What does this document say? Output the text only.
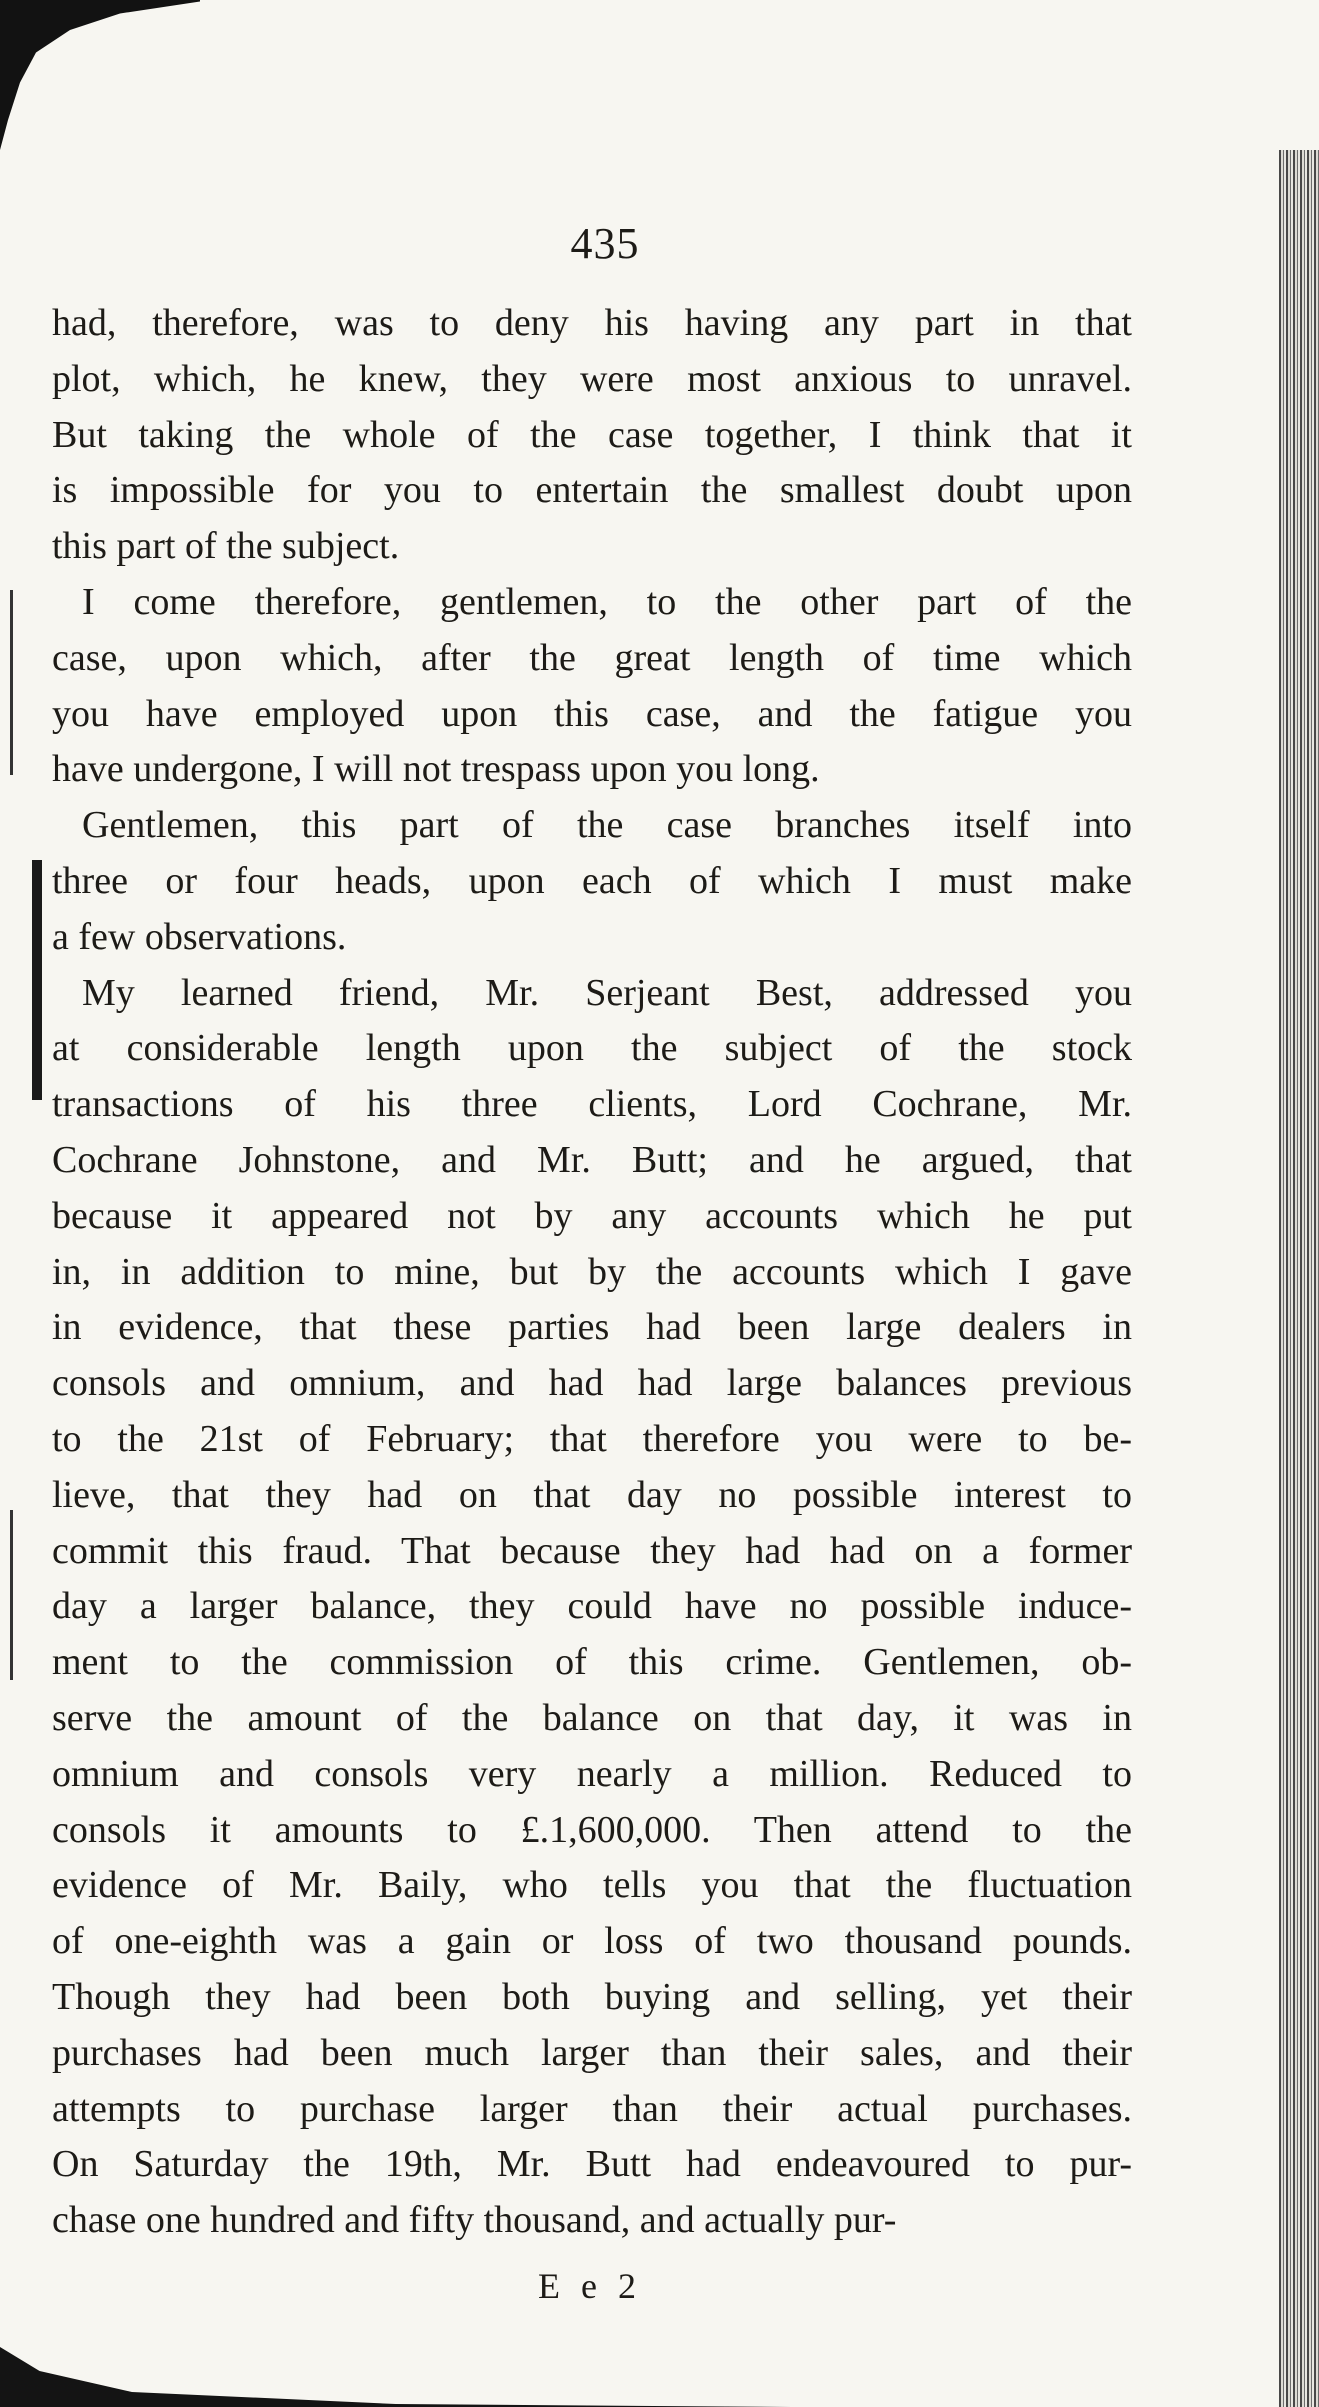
435
had, therefore, was to deny his having any part in that
plot, which, he knew, they were most anxious to unravel.
But taking the whole of the case together, I think that it
is impossible for you to entertain the smallest doubt upon
this part of the subject.
I come therefore, gentlemen, to the other part of the
case, upon which, after the great length of time which
you have employed upon this case, and the fatigue you
have undergone, I will not trespass upon you long.
Gentlemen, this part of the case branches itself into
three or four heads, upon each of which I must make
a few observations.
My learned friend, Mr. Serjeant Best, addressed you
at considerable length upon the subject of the stock
transactions of his three clients, Lord Cochrane, Mr.
Cochrane Johnstone, and Mr. Butt; and he argued, that
because it appeared not by any accounts which he put
in, in addition to mine, but by the accounts which I gave
in evidence, that these parties had been large dealers in
consols and omnium, and had had large balances previous
to the 21st of February; that therefore you were to be-
lieve, that they had on that day no possible interest to
commit this fraud. That because they had had on a former
day a larger balance, they could have no possible induce-
ment to the commission of this crime. Gentlemen, ob-
serve the amount of the balance on that day, it was in
omnium and consols very nearly a million. Reduced to
consols it amounts to £.1,600,000. Then attend to the
evidence of Mr. Baily, who tells you that the fluctuation
of one-eighth was a gain or loss of two thousand pounds.
Though they had been both buying and selling, yet their
purchases had been much larger than their sales, and their
attempts to purchase larger than their actual purchases.
On Saturday the 19th, Mr. Butt had endeavoured to pur-
chase one hundred and fifty thousand, and actually pur-
E e 2
